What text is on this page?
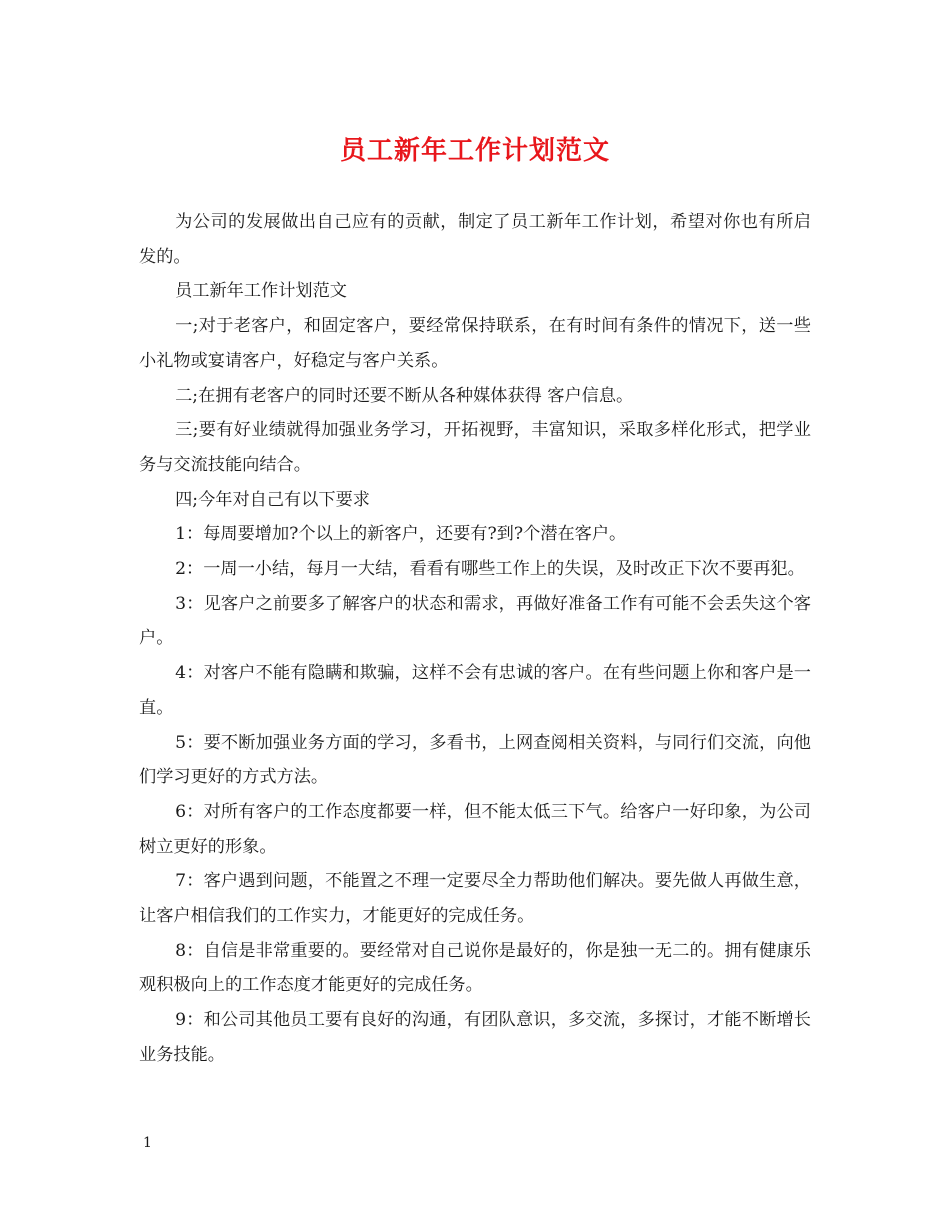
员工新年工作计划范文

为公司的发展做出自己应有的贡献，制定了员工新年工作计划，希望对你也有所启发的。

员工新年工作计划范文

一;对于老客户，和固定客户，要经常保持联系，在有时间有条件的情况下，送一些小礼物或宴请客户，好稳定与客户关系。

二;在拥有老客户的同时还要不断从各种媒体获得 客户信息。

三;要有好业绩就得加强业务学习，开拓视野，丰富知识，采取多样化形式，把学业务与交流技能向结合。

四;今年对自己有以下要求

1：每周要增加?个以上的新客户，还要有?到?个潜在客户。

2：一周一小结，每月一大结，看看有哪些工作上的失误，及时改正下次不要再犯。

3：见客户之前要多了解客户的状态和需求，再做好准备工作有可能不会丢失这个客户。

4：对客户不能有隐瞒和欺骗，这样不会有忠诚的客户。在有些问题上你和客户是一直。

5：要不断加强业务方面的学习，多看书，上网查阅相关资料，与同行们交流，向他们学习更好的方式方法。

6：对所有客户的工作态度都要一样，但不能太低三下气。给客户一好印象，为公司树立更好的形象。

7：客户遇到问题，不能置之不理一定要尽全力帮助他们解决。要先做人再做生意，让客户相信我们的工作实力，才能更好的完成任务。

8：自信是非常重要的。要经常对自己说你是最好的，你是独一无二的。拥有健康乐观积极向上的工作态度才能更好的完成任务。

9：和公司其他员工要有良好的沟通，有团队意识，多交流，多探讨，才能不断增长业务技能。

1
